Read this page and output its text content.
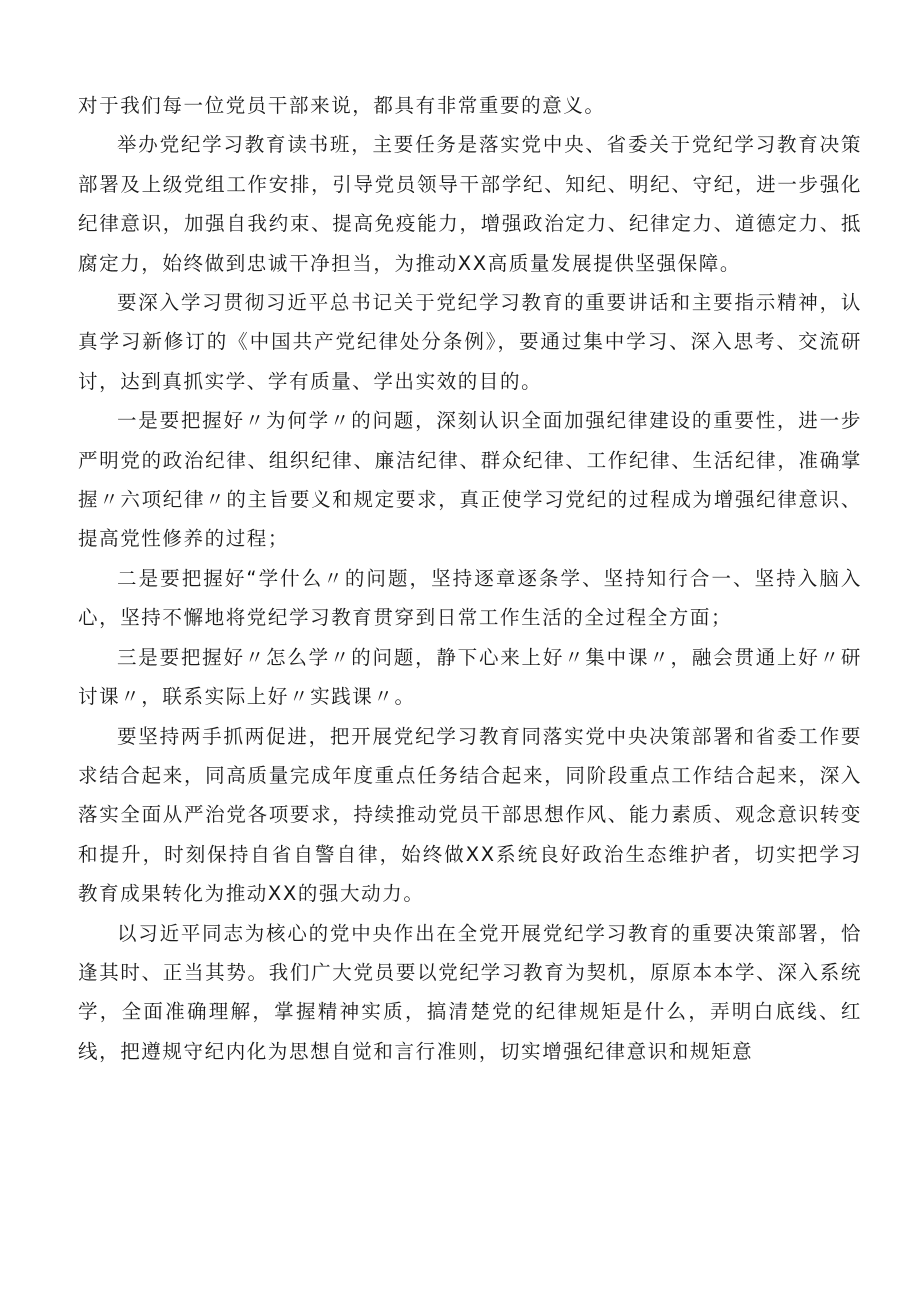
对于我们每一位党员干部来说，都具有非常重要的意义。

举办党纪学习教育读书班，主要任务是落实党中央、省委关于党纪学习教育决策部署及上级党组工作安排，引导党员领导干部学纪、知纪、明纪、守纪，进一步强化纪律意识，加强自我约束、提高免疫能力，增强政治定力、纪律定力、道德定力、抵腐定力，始终做到忠诚干净担当，为推动XX高质量发展提供坚强保障。

要深入学习贯彻习近平总书记关于党纪学习教育的重要讲话和主要指示精神，认真学习新修订的《中国共产党纪律处分条例》，要通过集中学习、深入思考、交流研讨，达到真抓实学、学有质量、学出实效的目的。

一是要把握好〃为何学〃的问题，深刻认识全面加强纪律建设的重要性，进一步严明党的政治纪律、组织纪律、廉洁纪律、群众纪律、工作纪律、生活纪律，准确掌握〃六项纪律〃的主旨要义和规定要求，真正使学习党纪的过程成为增强纪律意识、提高党性修养的过程；

二是要把握好“学什么〃的问题，坚持逐章逐条学、坚持知行合一、坚持入脑入心，坚持不懈地将党纪学习教育贯穿到日常工作生活的全过程全方面；

三是要把握好〃怎么学〃的问题，静下心来上好〃集中课〃，融会贯通上好〃研讨课〃，联系实际上好〃实践课〃。

要坚持两手抓两促进，把开展党纪学习教育同落实党中央决策部署和省委工作要求结合起来，同高质量完成年度重点任务结合起来，同阶段重点工作结合起来，深入落实全面从严治党各项要求，持续推动党员干部思想作风、能力素质、观念意识转变和提升，时刻保持自省自警自律，始终做XX系统良好政治生态维护者，切实把学习教育成果转化为推动XX的强大动力。

以习近平同志为核心的党中央作出在全党开展党纪学习教育的重要决策部署，恰逢其时、正当其势。我们广大党员要以党纪学习教育为契机，原原本本学、深入系统学，全面准确理解，掌握精神实质，搞清楚党的纪律规矩是什么，弄明白底线、红线，把遵规守纪内化为思想自觉和言行准则，切实增强纪律意识和规矩意
